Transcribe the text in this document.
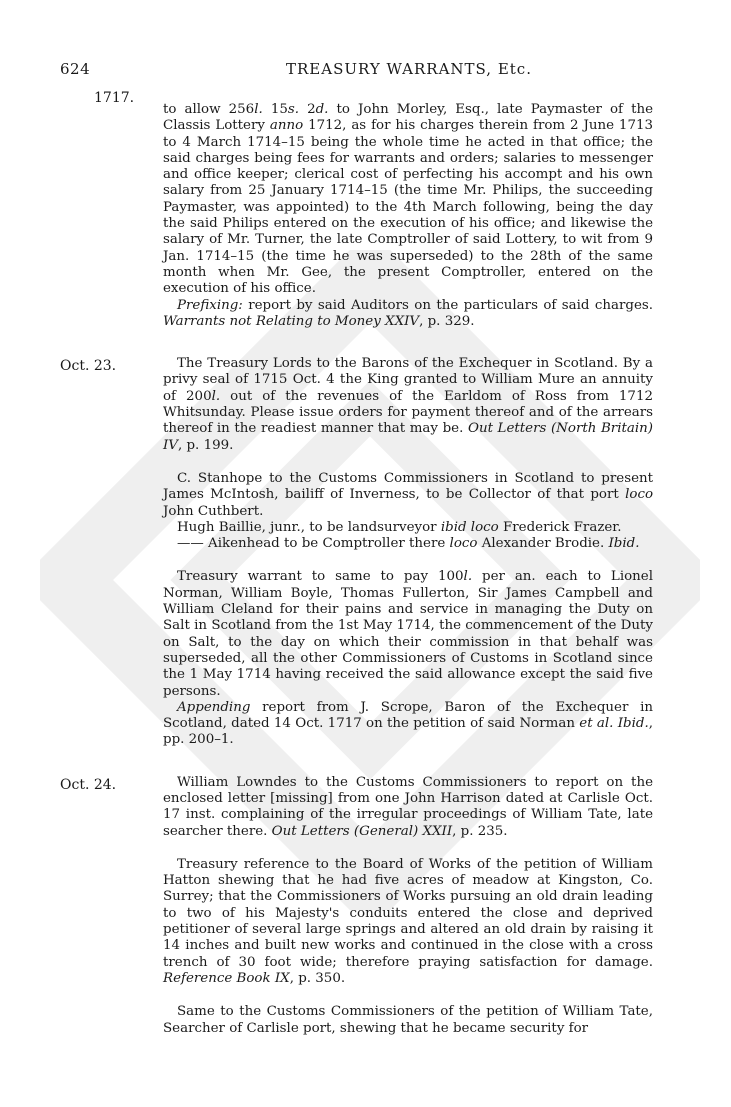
624	TREASURY WARRANTS, Etc.
1717.

to allow 256l. 15s. 2d. to John Morley, Esq., late Paymaster of the Classis Lottery anno 1712, as for his charges therein from 2 June 1713 to 4 March 1714–15 being the whole time he acted in that office; the said charges being fees for warrants and orders; salaries to messenger and office keeper; clerical cost of perfecting his accompt and his own salary from 25 January 1714–15 (the time Mr. Philips, the succeeding Paymaster, was appointed) to the 4th March following, being the day the said Philips entered on the execution of his office; and likewise the salary of Mr. Turner, the late Comptroller of said Lottery, to wit from 9 Jan. 1714–15 (the time he was superseded) to the 28th of the same month when Mr. Gee, the present Comptroller, entered on the execution of his office.

Prefixing: report by said Auditors on the particulars of said charges. Warrants not Relating to Money XXIV, p. 329.

Oct. 23.	The Treasury Lords to the Barons of the Exchequer in Scotland. By a privy seal of 1715 Oct. 4 the King granted to William Mure an annuity of 200l. out of the revenues of the Earldom of Ross from 1712 Whitsunday. Please issue orders for payment thereof and of the arrears thereof in the readiest manner that may be. Out Letters (North Britain) IV, p. 199.

C. Stanhope to the Customs Commissioners in Scotland to present James McIntosh, bailiff of Inverness, to be Collector of that port loco John Cuthbert.

Hugh Baillie, junr., to be landsurveyor ibid loco Frederick Frazer.

—— Aikenhead to be Comptroller there loco Alexander Brodie. Ibid.

Treasury warrant to same to pay 100l. per an. each to Lionel Norman, William Boyle, Thomas Fullerton, Sir James Campbell and William Cleland for their pains and service in managing the Duty on Salt in Scotland from the 1st May 1714, the commencement of the Duty on Salt, to the day on which their commission in that behalf was superseded, all the other Commissioners of Customs in Scotland since the 1 May 1714 having received the said allowance except the said five persons.

Appending report from J. Scrope, Baron of the Exchequer in Scotland, dated 14 Oct. 1717 on the petition of said Norman et al. Ibid., pp. 200–1.

Oct. 24.	William Lowndes to the Customs Commissioners to report on the enclosed letter [missing] from one John Harrison dated at Carlisle Oct. 17 inst. complaining of the irregular proceedings of William Tate, late searcher there. Out Letters (General) XXII, p. 235.

Treasury reference to the Board of Works of the petition of William Hatton shewing that he had five acres of meadow at Kingston, Co. Surrey; that the Commissioners of Works pursuing an old drain leading to two of his Majesty's conduits entered the close and deprived petitioner of several large springs and altered an old drain by raising it 14 inches and built new works and continued in the close with a cross trench of 30 foot wide; therefore praying satisfaction for damage. Reference Book IX, p. 350.

Same to the Customs Commissioners of the petition of William Tate, Searcher of Carlisle port, shewing that he became security for
